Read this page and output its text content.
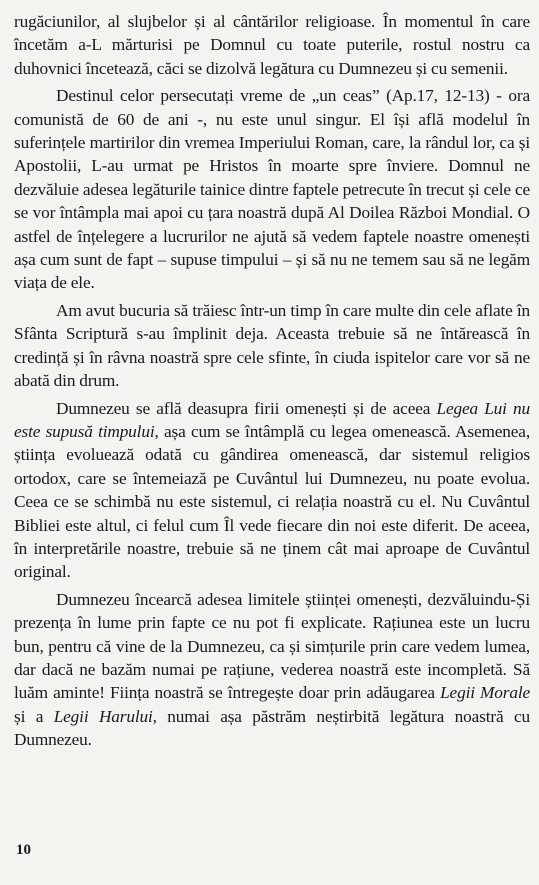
rugăciunilor, al slujbelor și al cântărilor religioase. În momentul în care încetăm a-L mărturisi pe Domnul cu toate puterile, rostul nostru ca duhovnici încetează, căci se dizolvă legătura cu Dumnezeu și cu semenii.

Destinul celor persecutați vreme de „un ceas” (Ap.17, 12-13) - ora comunistă de 60 de ani -, nu este unul singur. El își află modelul în suferințele martirilor din vremea Imperiului Roman, care, la rândul lor, ca și Apostolii, L-au urmat pe Hristos în moarte spre înviere. Domnul ne dezvăluie adesea legăturile tainice dintre faptele petrecute în trecut și cele ce se vor întâmpla mai apoi cu țara noastră după Al Doilea Război Mondial. O astfel de înțelegere a lucrurilor ne ajută să vedem faptele noastre omenești așa cum sunt de fapt – supuse timpului – și să nu ne temem sau să ne legăm viața de ele.

Am avut bucuria să trăiesc într-un timp în care multe din cele aflate în Sfânta Scriptură s-au împlinit deja. Aceasta trebuie să ne întărească în credință și în râvna noastră spre cele sfinte, în ciuda ispitelor care vor să ne abată din drum.

Dumnezeu se află deasupra firii omenești și de aceea Legea Lui nu este supusă timpului, așa cum se întâmplă cu legea omenească. Asemenea, știința evoluează odată cu gândirea omenească, dar sistemul religios ortodox, care se întemeiază pe Cuvântul lui Dumnezeu, nu poate evolua. Ceea ce se schimbă nu este sistemul, ci relația noastră cu el. Nu Cuvântul Bibliei este altul, ci felul cum Îl vede fiecare din noi este diferit. De aceea, în interpretările noastre, trebuie să ne ținem cât mai aproape de Cuvântul original.

Dumnezeu încearcă adesea limitele științei omenești, dezvăluindu-Și prezența în lume prin fapte ce nu pot fi explicate. Rațiunea este un lucru bun, pentru că vine de la Dumnezeu, ca și simțurile prin care vedem lumea, dar dacă ne bazăm numai pe rațiune, vederea noastră este incompletă. Să luăm aminte! Ființa noastră se întregește doar prin adăugarea Legii Morale și a Legii Harului, numai așa păstrăm neștirbită legătura noastră cu Dumnezeu.

10
